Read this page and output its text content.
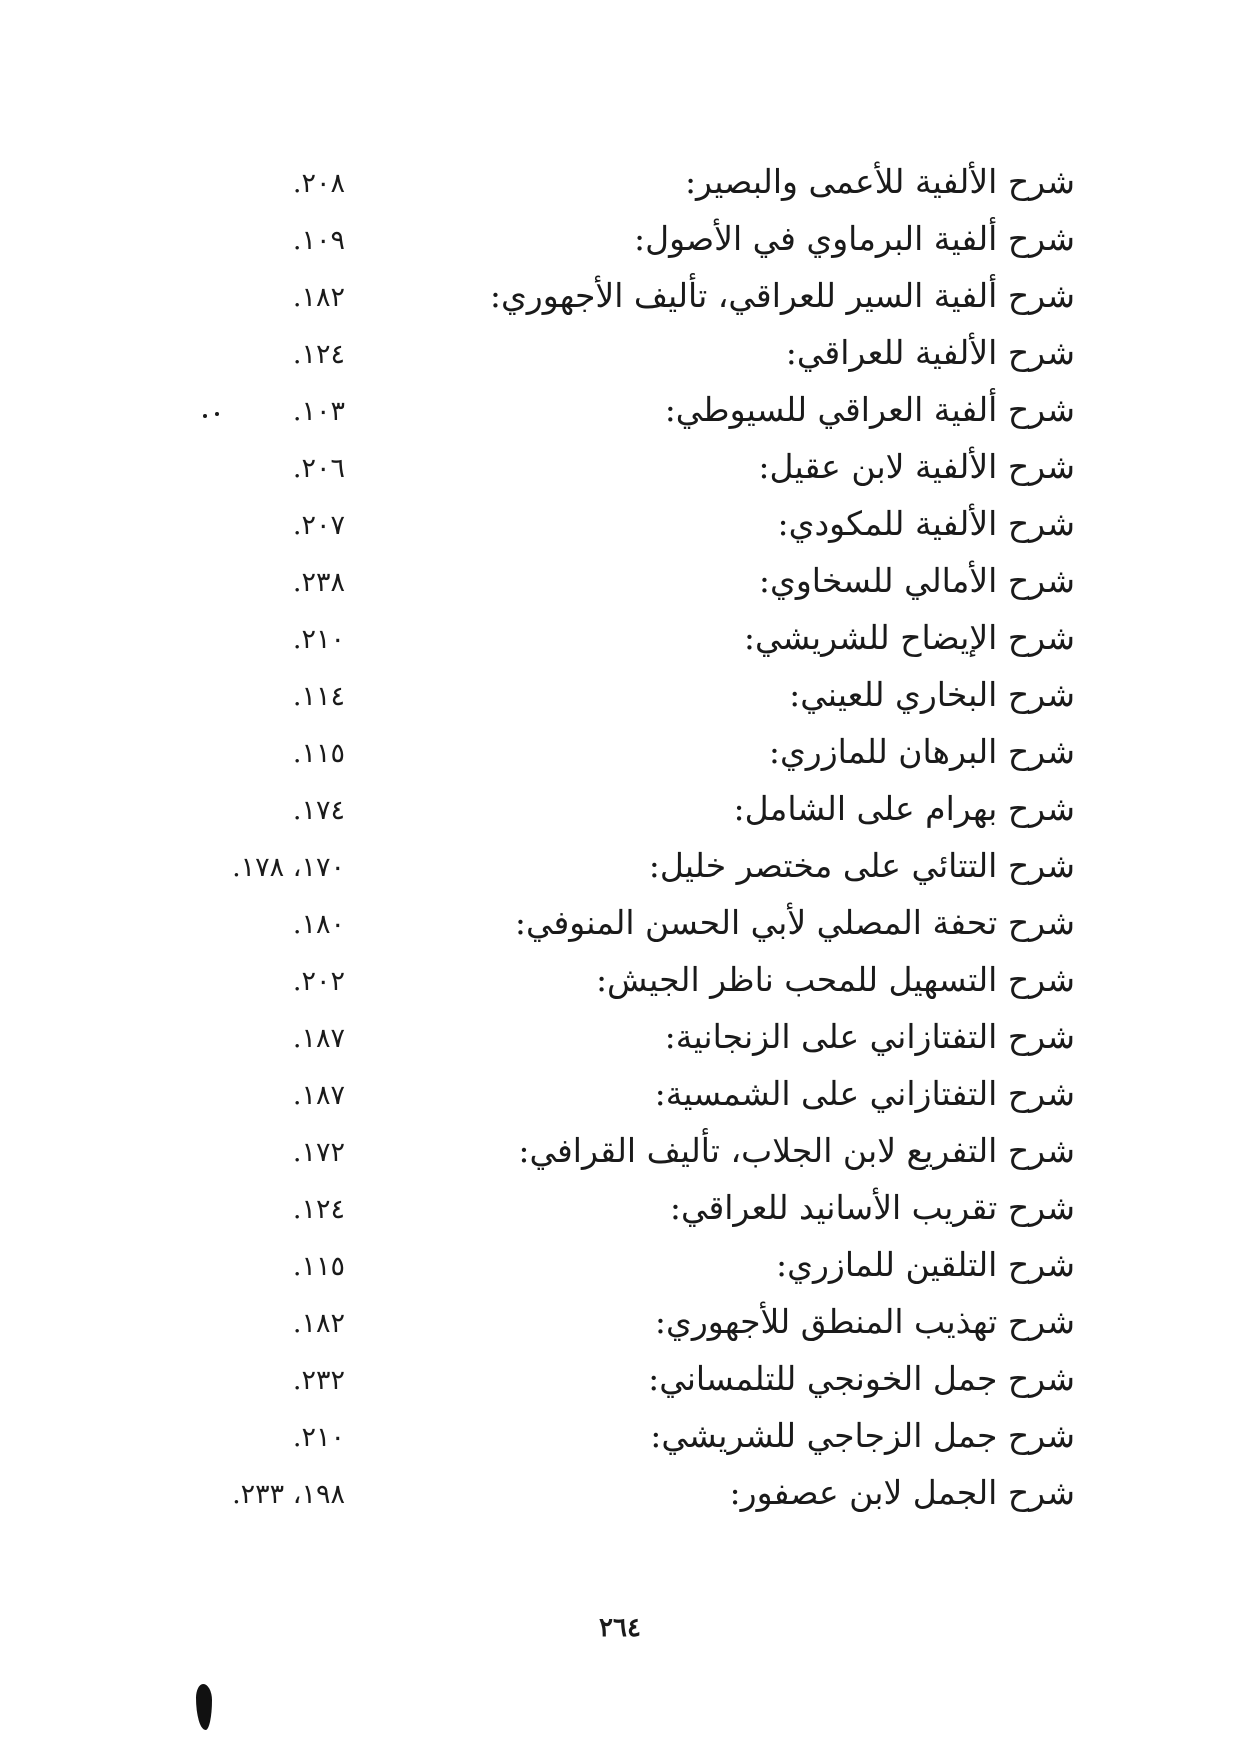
شرح الألفية للأعمى والبصير:
٢٠٨.
شرح ألفية البرماوي في الأصول:
١٠٩.
شرح ألفية السير للعراقي، تأليف الأجهوري:
١٨٢.
شرح الألفية للعراقي:
١٢٤.
شرح ألفية العراقي للسيوطي:
١٠٣.
شرح الألفية لابن عقيل:
٢٠٦.
شرح الألفية للمكودي:
٢٠٧.
شرح الأمالي للسخاوي:
٢٣٨.
شرح الإيضاح للشريشي:
٢١٠.
شرح البخاري للعيني:
١١٤.
شرح البرهان للمازري:
١١٥.
شرح بهرام على الشامل:
١٧٤.
شرح التتائي على مختصر خليل:
١٧٠، ١٧٨.
شرح تحفة المصلي لأبي الحسن المنوفي:
١٨٠.
شرح التسهيل للمحب ناظر الجيش:
٢٠٢.
شرح التفتازاني على الزنجانية:
١٨٧.
شرح التفتازاني على الشمسية:
١٨٧.
شرح التفريع لابن الجلاب، تأليف القرافي:
١٧٢.
شرح تقريب الأسانيد للعراقي:
١٢٤.
شرح التلقين للمازري:
١١٥.
شرح تهذيب المنطق للأجهوري:
١٨٢.
شرح جمل الخونجي للتلمساني:
٢٣٢.
شرح جمل الزجاجي للشريشي:
٢١٠.
شرح الجمل لابن عصفور:
١٩٨، ٢٣٣.
٢٦٤
